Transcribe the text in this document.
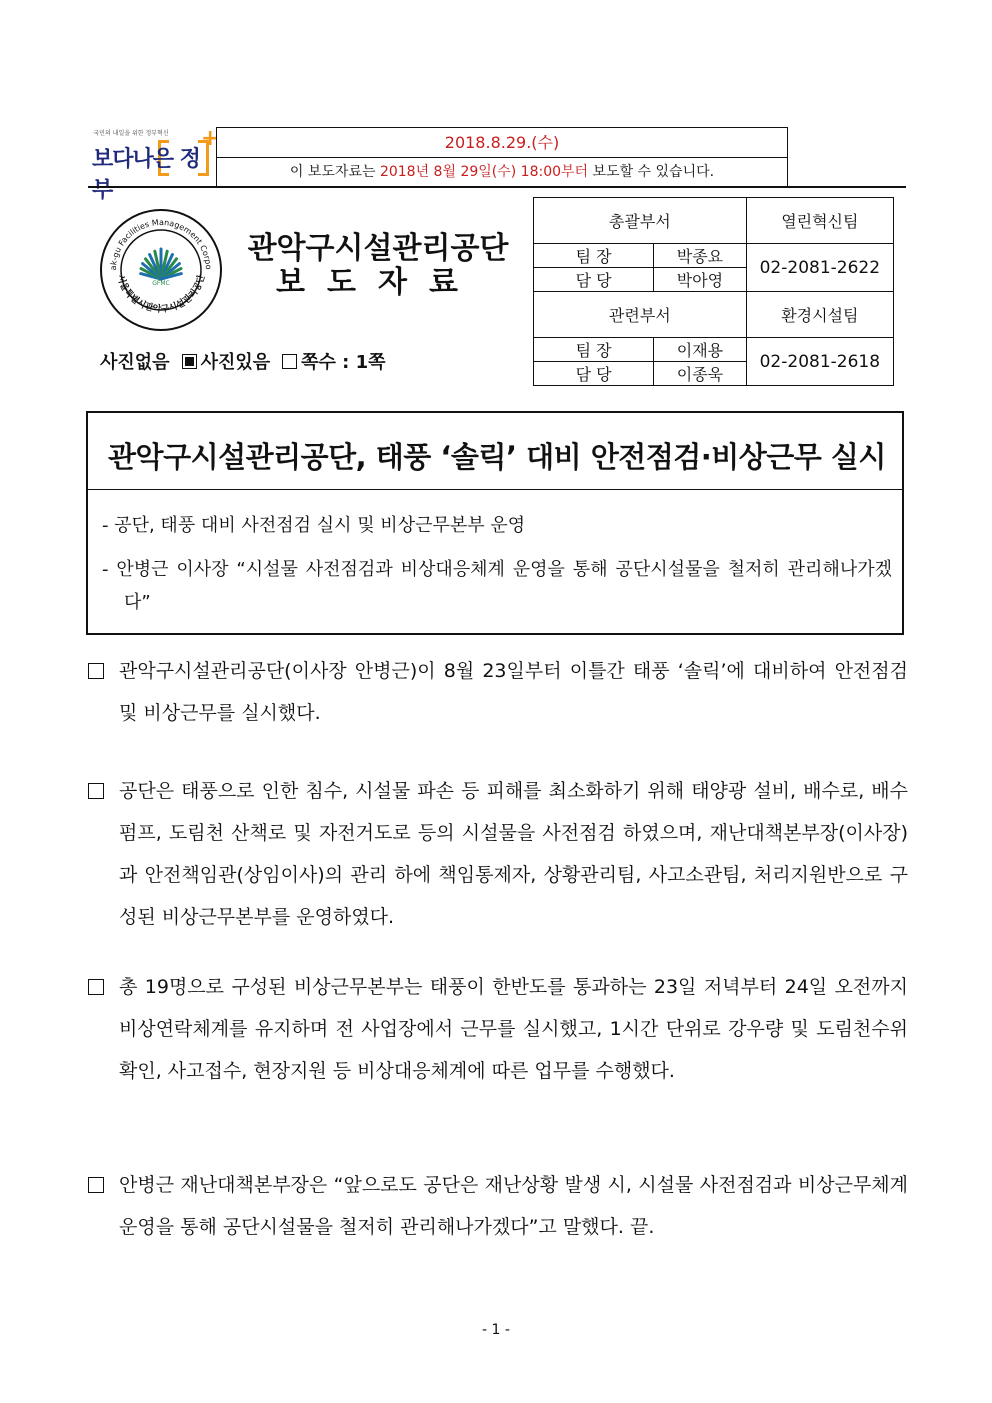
국민의 내일을 위한 정부혁신 +
보다나은 정부
2018.8.29.(수)
이 보도자료는 2018년 8월 29일(수) 18:00부터 보도할 수 있습니다.
ak-gu Facilities Management Corpo
서울특별시관악구시설관리공단
GFMC
관악구시설관리공단
보도자료
사진없음 사진있음 쪽수 : 1쪽
총괄부서		열린혁신팀
팀 장	박종요	02-2081-2622
담 당	박아영	
관련부서		환경시설팀
팀 장	이재용	02-2081-2618
담 당	이종욱	
관악구시설관리공단, 태풍 ‘솔릭’ 대비 안전점검·비상근무 실시
- 공단, 태풍 대비 사전점검 실시 및 비상근무본부 운영
- 안병근 이사장 “시설물 사전점검과 비상대응체계 운영을 통해 공단시설물을 철저히 관리해나가겠다”
관악구시설관리공단(이사장 안병근)이 8월 23일부터 이틀간 태풍 ‘솔릭’에 대비하여 안전점검 및 비상근무를 실시했다.
공단은 태풍으로 인한 침수, 시설물 파손 등 피해를 최소화하기 위해 태양광 설비, 배수로, 배수펌프, 도림천 산책로 및 자전거도로 등의 시설물을 사전점검 하였으며, 재난대책본부장(이사장)과 안전책임관(상임이사)의 관리 하에 책임통제자, 상황관리팀, 사고소관팀, 처리지원반으로 구성된 비상근무본부를 운영하였다.
총 19명으로 구성된 비상근무본부는 태풍이 한반도를 통과하는 23일 저녁부터 24일 오전까지 비상연락체계를 유지하며 전 사업장에서 근무를 실시했고, 1시간 단위로 강우량 및 도림천수위 확인, 사고접수, 현장지원 등 비상대응체계에 따른 업무를 수행했다.
안병근 재난대책본부장은 “앞으로도 공단은 재난상황 발생 시, 시설물 사전점검과 비상근무체계 운영을 통해 공단시설물을 철저히 관리해나가겠다”고 말했다. 끝.
- 1 -
